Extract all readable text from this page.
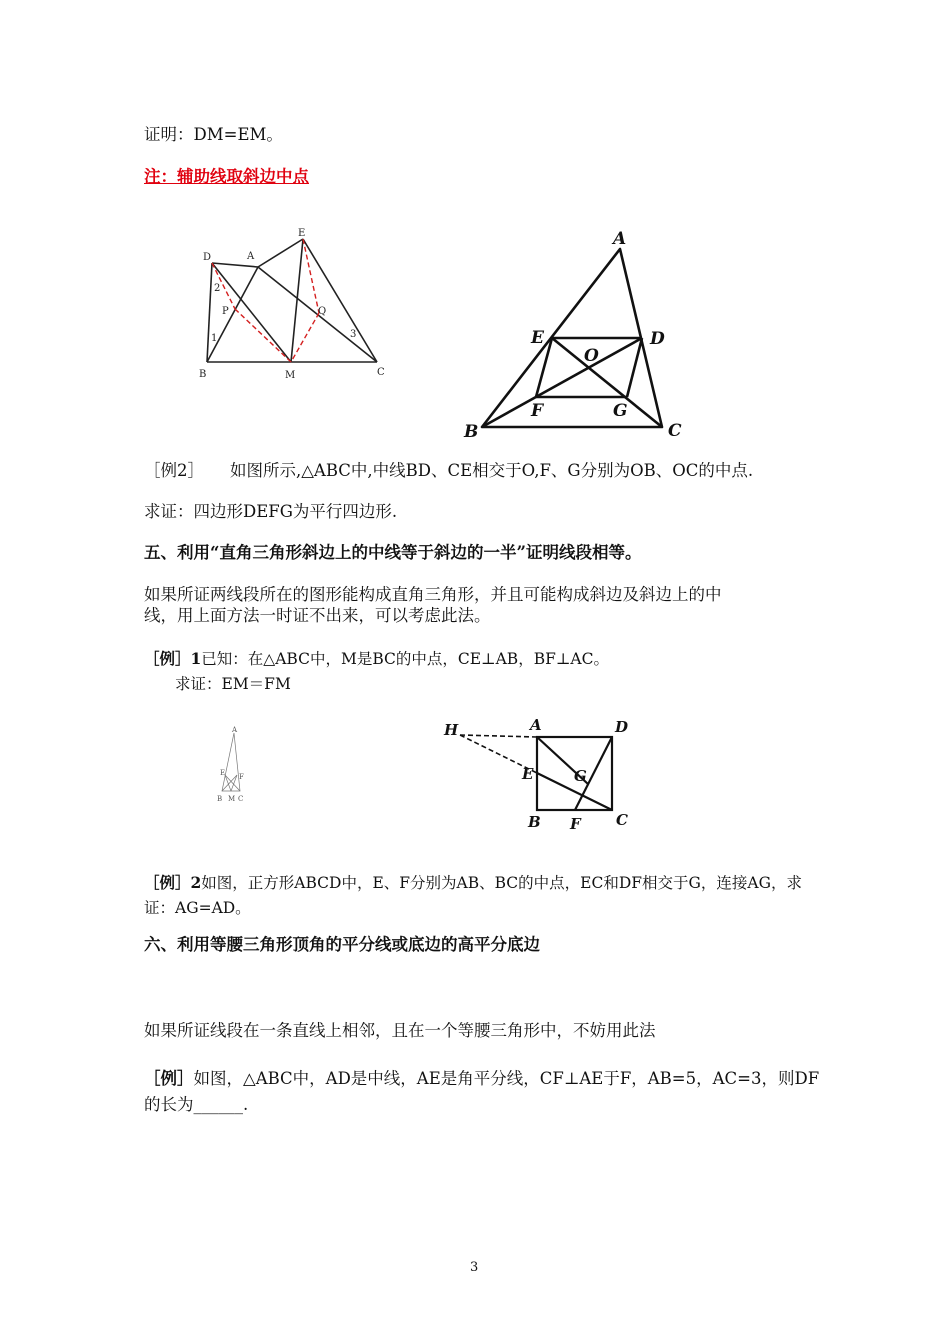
证明：DM=EM。
注：辅助线取斜边中点
D	A
E
2
P	Q
1	3
B	M	C
A
E	D
O
F	G
B	C
［例2］ 如图所示,△ABC中,中线BD、CE相交于O,F、G分别为OB、OC的中点.
求证：四边形DEFG为平行四边形.
五、利用“直角三角形斜边上的中线等于斜边的一半”证明线段相等。
如果所证两线段所在的图形能构成直角三角形，并且可能构成斜边及斜边上的中
线，用上面方法一时证不出来，可以考虑此法。
［例］1已知：在△ABC中，M是BC的中点，CE⊥AB，BF⊥AC。
求证：EM＝FM
A
E F
B M C
H	A	D
E	G
B F C
［例］2如图，正方形ABCD中，E、F分别为AB、BC的中点，EC和DF相交于G，连接AG，求
证：AG=AD。
六、利用等腰三角形顶角的平分线或底边的高平分底边
如果所证线段在一条直线上相邻，且在一个等腰三角形中，不妨用此法
［例］如图，△ABC中，AD是中线，AE是角平分线，CF⊥AE于F，AB=5，AC=3，则DF
的长为______.
3
